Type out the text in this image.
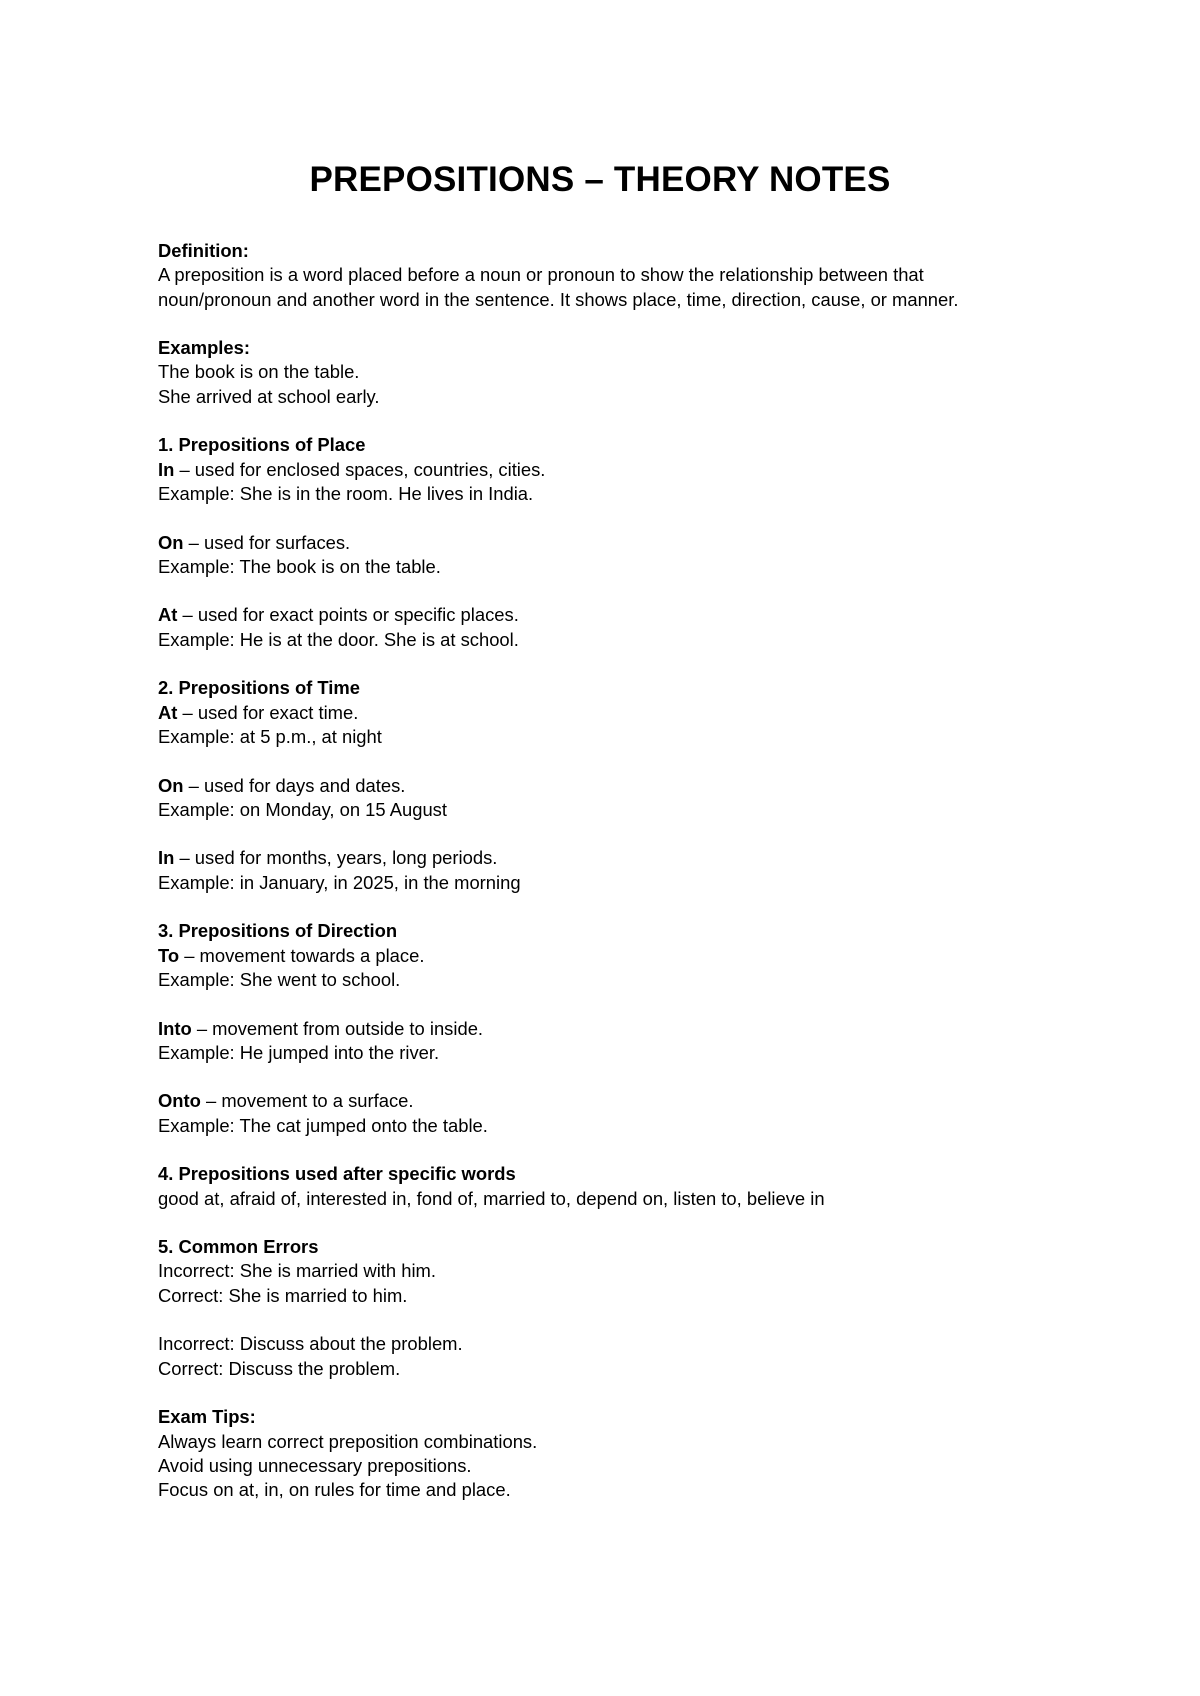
PREPOSITIONS – THEORY NOTES
Definition:
A preposition is a word placed before a noun or pronoun to show the relationship between that
noun/pronoun and another word in the sentence. It shows place, time, direction, cause, or manner.
Examples:
The book is on the table.
She arrived at school early.
1. Prepositions of Place
In – used for enclosed spaces, countries, cities.
Example: She is in the room. He lives in India.
On – used for surfaces.
Example: The book is on the table.
At – used for exact points or specific places.
Example: He is at the door. She is at school.
2. Prepositions of Time
At – used for exact time.
Example: at 5 p.m., at night
On – used for days and dates.
Example: on Monday, on 15 August
In – used for months, years, long periods.
Example: in January, in 2025, in the morning
3. Prepositions of Direction
To – movement towards a place.
Example: She went to school.
Into – movement from outside to inside.
Example: He jumped into the river.
Onto – movement to a surface.
Example: The cat jumped onto the table.
4. Prepositions used after specific words
good at, afraid of, interested in, fond of, married to, depend on, listen to, believe in
5. Common Errors
Incorrect: She is married with him.
Correct: She is married to him.
Incorrect: Discuss about the problem.
Correct: Discuss the problem.
Exam Tips:
Always learn correct preposition combinations.
Avoid using unnecessary prepositions.
Focus on at, in, on rules for time and place.
